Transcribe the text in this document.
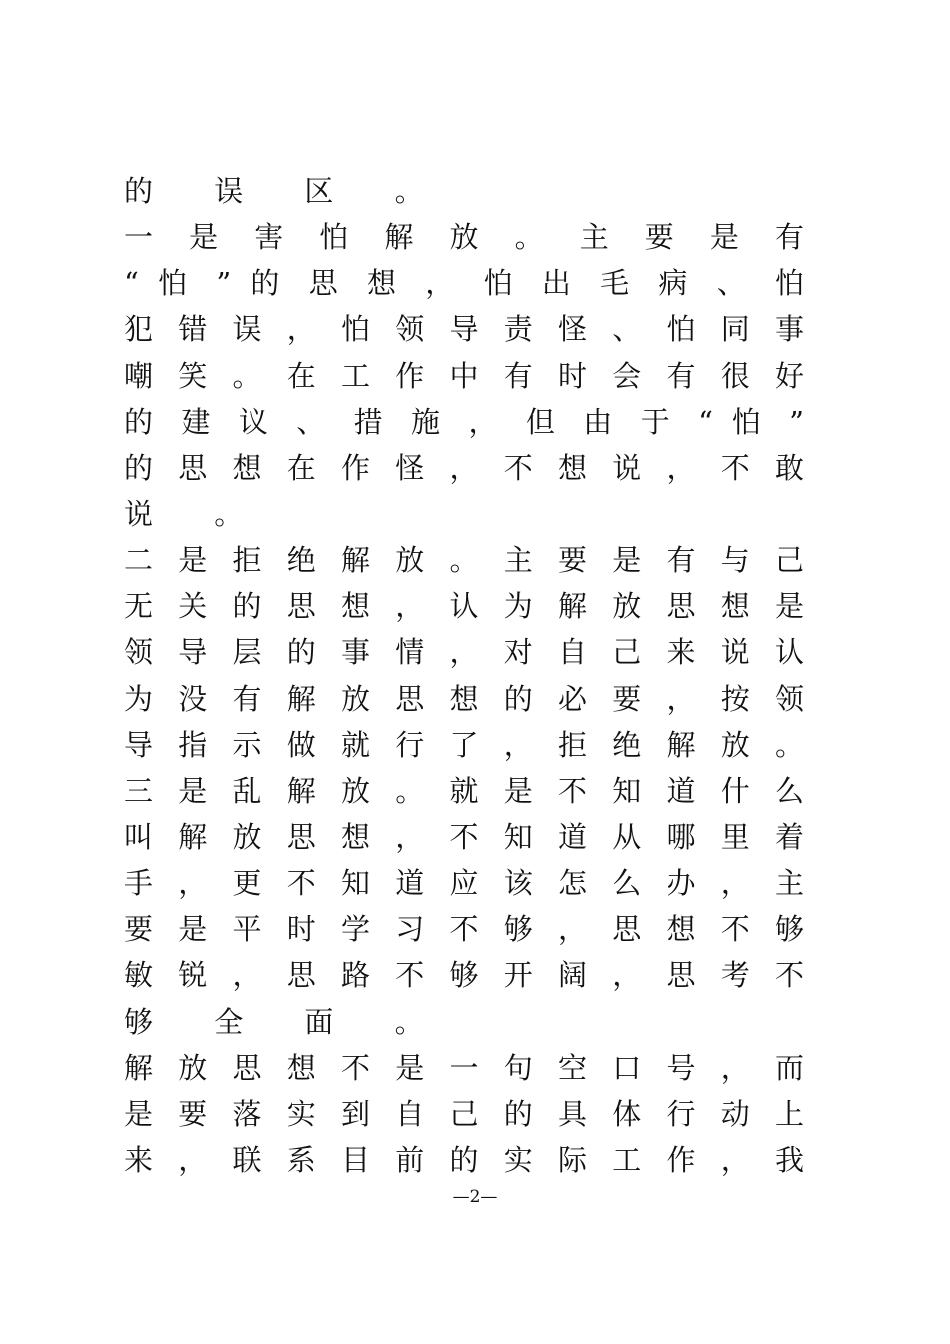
的 误 区 。
一 是 害 怕 解 放 。 主 要 是 有
“ 怕 ” 的 思 想 ， 怕 出 毛 病 、 怕
犯 错 误 ， 怕 领 导 责 怪 、 怕 同 事
嘲 笑 。 在 工 作 中 有 时 会 有 很 好
的 建 议 、 措 施 ， 但 由 于 “ 怕 ”
的 思 想 在 作 怪 ， 不 想 说 ， 不 敢
说 。
二 是 拒 绝 解 放 。 主 要 是 有 与 己
无 关 的 思 想 ， 认 为 解 放 思 想 是
领 导 层 的 事 情 ， 对 自 己 来 说 认
为 没 有 解 放 思 想 的 必 要 ， 按 领
导 指 示 做 就 行 了 ， 拒 绝 解 放 。
三 是 乱 解 放 。 就 是 不 知 道 什 么
叫 解 放 思 想 ， 不 知 道 从 哪 里 着
手 ， 更 不 知 道 应 该 怎 么 办 ， 主
要 是 平 时 学 习 不 够 ， 思 想 不 够
敏 锐 ， 思 路 不 够 开 阔 ， 思 考 不
够 全 面 。
解 放 思 想 不 是 一 句 空 口 号 ， 而
是 要 落 实 到 自 己 的 具 体 行 动 上
来 ， 联 系 目 前 的 实 际 工 作 ， 我
—2—
